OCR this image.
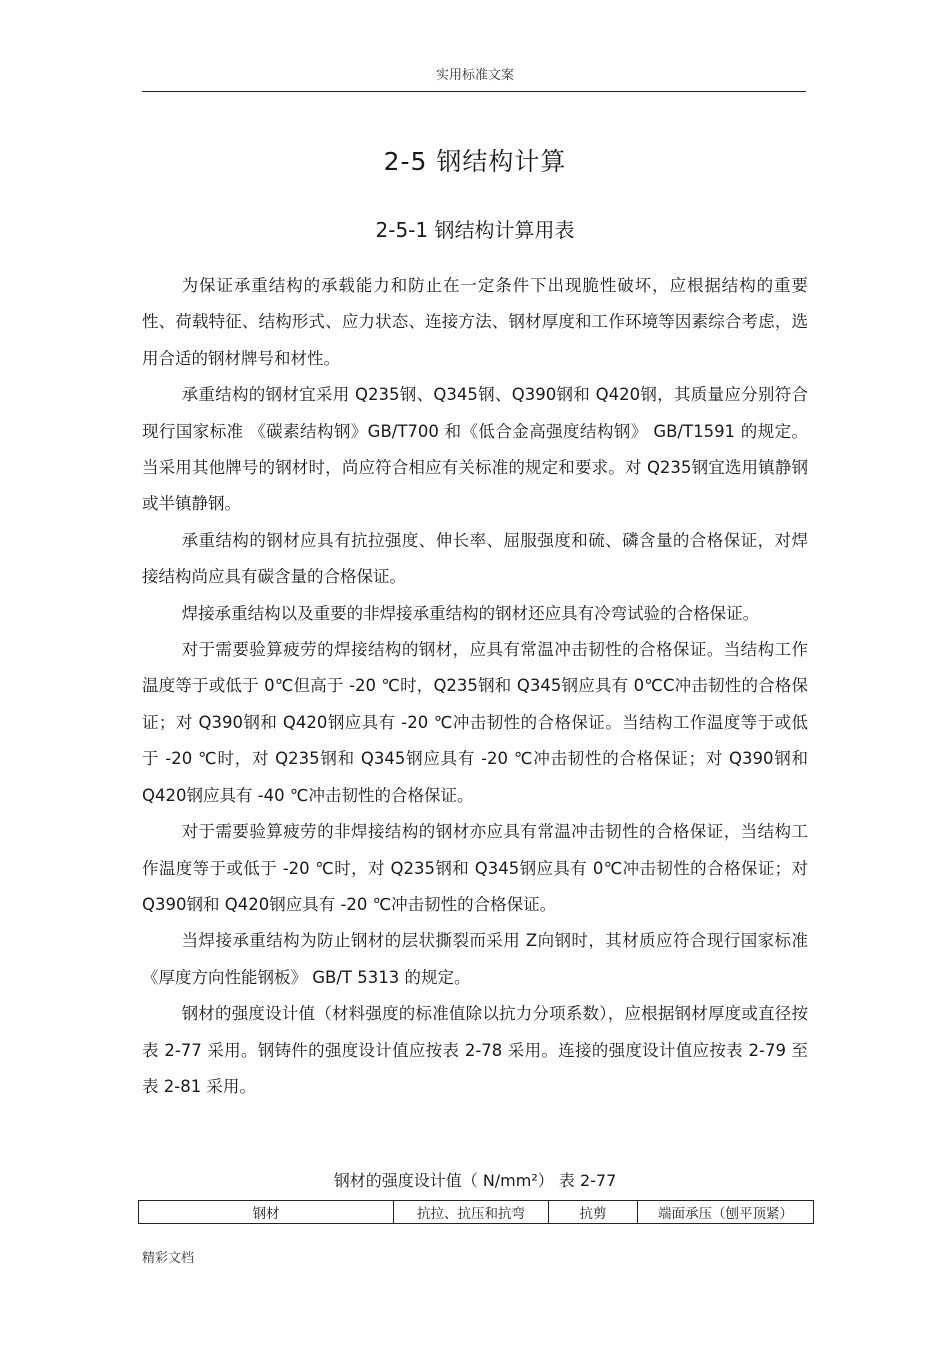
实用标准文案
2-5 钢结构计算
2-5-1 钢结构计算用表

为保证承重结构的承载能力和防止在一定条件下出现脆性破坏，应根据结构的重要性、荷载特征、结构形式、应力状态、连接方法、钢材厚度和工作环境等因素综合考虑，选用合适的钢材牌号和材性。

承重结构的钢材宜采用 Q235钢、Q345钢、Q390钢和 Q420钢，其质量应分别符合现行国家标准 《碳素结构钢》GB/T700 和《低合金高强度结构钢》 GB/T1591 的规定。当采用其他牌号的钢材时，尚应符合相应有关标准的规定和要求。对 Q235钢宜选用镇静钢或半镇静钢。

承重结构的钢材应具有抗拉强度、伸长率、屈服强度和硫、磷含量的合格保证，对焊接结构尚应具有碳含量的合格保证。

焊接承重结构以及重要的非焊接承重结构的钢材还应具有冷弯试验的合格保证。

对于需要验算疲劳的焊接结构的钢材，应具有常温冲击韧性的合格保证。当结构工作温度等于或低于 0℃但高于 -20 ℃时，Q235钢和 Q345钢应具有 0℃C冲击韧性的合格保证；对 Q390钢和 Q420钢应具有 -20 ℃冲击韧性的合格保证。当结构工作温度等于或低于 -20 ℃时，对 Q235钢和 Q345钢应具有 -20 ℃冲击韧性的合格保证；对 Q390钢和 Q420钢应具有 -40 ℃冲击韧性的合格保证。

对于需要验算疲劳的非焊接结构的钢材亦应具有常温冲击韧性的合格保证，当结构工作温度等于或低于 -20 ℃时，对 Q235钢和 Q345钢应具有 0℃冲击韧性的合格保证；对 Q390钢和 Q420钢应具有 -20 ℃冲击韧性的合格保证。

当焊接承重结构为防止钢材的层状撕裂而采用 Z向钢时，其材质应符合现行国家标准《厚度方向性能钢板》 GB/T 5313 的规定。

钢材的强度设计值（材料强度的标准值除以抗力分项系数），应根据钢材厚度或直径按表 2-77 采用。钢铸件的强度设计值应按表 2-78 采用。连接的强度设计值应按表 2-79 至表 2-81 采用。

钢材的强度设计值（ N/mm²） 表 2-77
钢材	抗拉、抗压和抗弯	抗剪	端面承压（刨平顶紧）
精彩文档
